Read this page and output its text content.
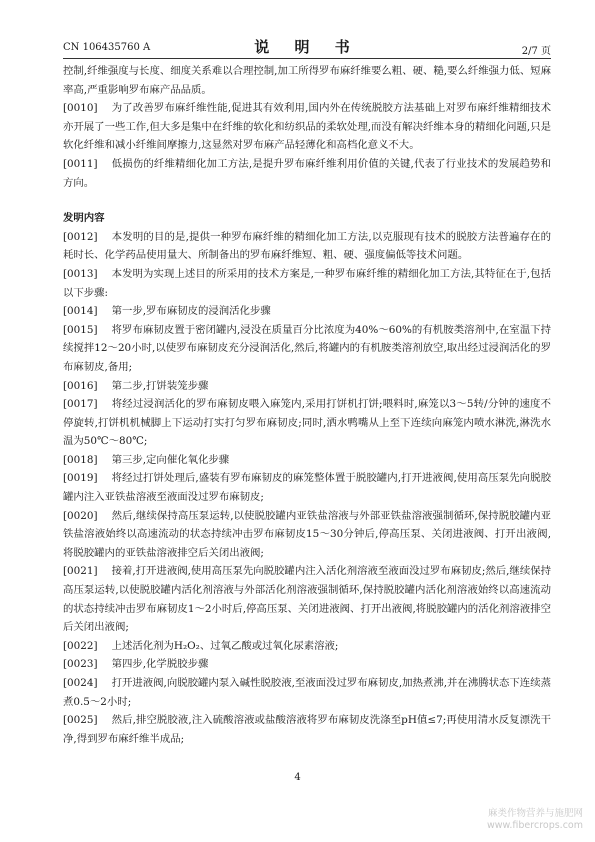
CN 106435760 A	说 明 书	2/7 页

控制,纤维强度与长度、细度关系难以合理控制,加工所得罗布麻纤维要么粗、硬、糙,要么纤维强力低、短麻率高,严重影响罗布麻产品品质。

[0010] 为了改善罗布麻纤维性能,促进其有效利用,国内外在传统脱胶方法基础上对罗布麻纤维精细技术亦开展了一些工作,但大多是集中在纤维的软化和纺织品的柔软处理,而没有解决纤维本身的精细化问题,只是软化纤维和减小纤维间摩擦力,这显然对罗布麻产品轻薄化和高档化意义不大。

[0011] 低损伤的纤维精细化加工方法,是提升罗布麻纤维利用价值的关键,代表了行业技术的发展趋势和方向。

发明内容

[0012] 本发明的目的是,提供一种罗布麻纤维的精细化加工方法,以克服现有技术的脱胶方法普遍存在的耗时长、化学药品使用量大、所制备出的罗布麻纤维短、粗、硬、强度偏低等技术问题。

[0013] 本发明为实现上述目的所采用的技术方案是,一种罗布麻纤维的精细化加工方法,其特征在于,包括以下步骤:

[0014] 第一步,罗布麻韧皮的浸润活化步骤

[0015] 将罗布麻韧皮置于密闭罐内,浸没在质量百分比浓度为40%～60%的有机胺类溶剂中,在室温下持续搅拌12～20小时,以使罗布麻韧皮充分浸润活化,然后,将罐内的有机胺类溶剂放空,取出经过浸润活化的罗布麻韧皮,备用;

[0016] 第二步,打饼装笼步骤

[0017] 将经过浸润活化的罗布麻韧皮喂入麻笼内,采用打饼机打饼;喂料时,麻笼以3～5转/分钟的速度不停旋转,打饼机机械脚上下运动打实打匀罗布麻韧皮;同时,洒水鸭嘴从上至下连续向麻笼内喷水淋洗,淋洗水温为50℃～80℃;

[0018] 第三步,定向催化氧化步骤

[0019] 将经过打饼处理后,盛装有罗布麻韧皮的麻笼整体置于脱胶罐内,打开进液阀,使用高压泵先向脱胶罐内注入亚铁盐溶液至液面没过罗布麻韧皮;

[0020] 然后,继续保持高压泵运转,以使脱胶罐内亚铁盐溶液与外部亚铁盐溶液强制循环,保持脱胶罐内亚铁盐溶液始终以高速流动的状态持续冲击罗布麻韧皮15～30分钟后,停高压泵、关闭进液阀、打开出液阀,将脱胶罐内的亚铁盐溶液排空后关闭出液阀;

[0021] 接着,打开进液阀,使用高压泵先向脱胶罐内注入活化剂溶液至液面没过罗布麻韧皮;然后,继续保持高压泵运转,以使脱胶罐内活化剂溶液与外部活化剂溶液强制循环,保持脱胶罐内活化剂溶液始终以高速流动的状态持续冲击罗布麻韧皮1～2小时后,停高压泵、关闭进液阀、打开出液阀,将脱胶罐内的活化剂溶液排空后关闭出液阀;

[0022] 上述活化剂为H₂O₂、过氧乙酸或过氧化尿素溶液;

[0023] 第四步,化学脱胶步骤

[0024] 打开进液阀,向脱胶罐内泵入碱性脱胶液,至液面没过罗布麻韧皮,加热煮沸,并在沸腾状态下连续蒸煮0.5～2小时;

[0025] 然后,排空脱胶液,注入硫酸溶液或盐酸溶液将罗布麻韧皮洗涤至pH值≤7;再使用清水反复漂洗干净,得到罗布麻纤维半成品;

4
麻类作物营养与施肥网
www.fibercrops.com
